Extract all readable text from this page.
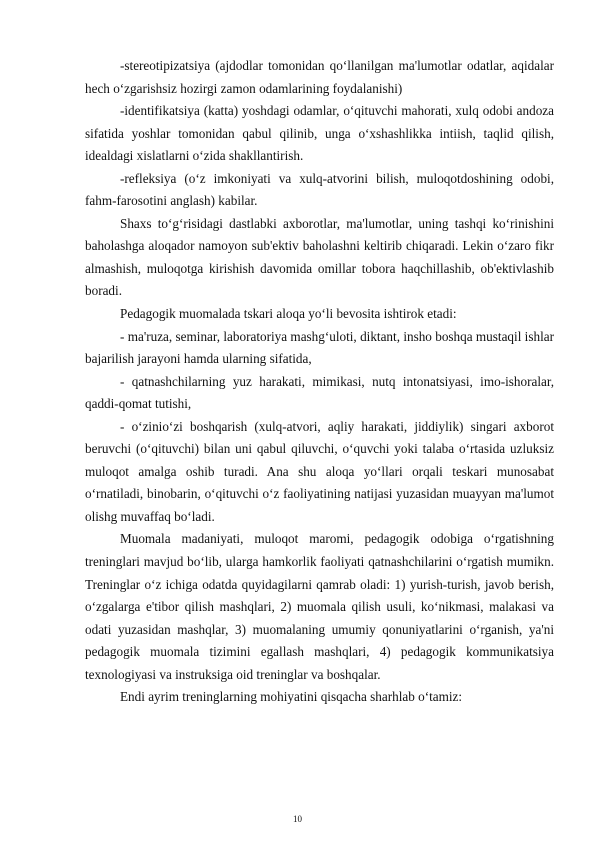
-stereotipizatsiya (ajdodlar tomonidan qo‘llanilgan ma'lumotlar odatlar, aqidalar hech o‘zgarishsiz hozirgi zamon odamlarining foydalanishi)

-identifikatsiya (katta) yoshdagi odamlar, o‘qituvchi mahorati, xulq odobi andoza sifatida yoshlar tomonidan qabul qilinib, unga o‘xshashlikka intiish, taqlid qilish, idealdagi xislatlarni o‘zida shakllantirish.

-refleksiya (o‘z imkoniyati va xulq-atvorini bilish, muloqotdoshining odobi, fahm-farosotini anglash) kabilar.

Shaxs to‘g‘risidagi dastlabki axborotlar, ma'lumotlar, uning tashqi ko‘rinishini baholashga aloqador namoyon sub'ektiv baholashni keltirib chiqaradi. Lekin o‘zaro fikr almashish, muloqotga kirishish davomida omillar tobora haqchillashib, ob'ektivlashib boradi.

Pedagogik muomalada tskari aloqa yo‘li bevosita ishtirok etadi:

- ma'ruza, seminar, laboratoriya mashg‘uloti, diktant, insho boshqa mustaqil ishlar bajarilish jarayoni hamda ularning sifatida,

- qatnashchilarning yuz harakati, mimikasi, nutq intonatsiyasi, imo-ishoralar, qaddi-qomat tutishi,

- o‘zinio‘zi boshqarish (xulq-atvori, aqliy harakati, jiddiylik) singari axborot beruvchi (o‘qituvchi) bilan uni qabul qiluvchi, o‘quvchi yoki talaba o‘rtasida uzluksiz muloqot amalga oshib turadi. Ana shu aloqa yo‘llari orqali teskari munosabat o‘rnatiladi, binobarin, o‘qituvchi o‘z faoliyatining natijasi yuzasidan muayyan ma'lumot olishg muvaffaq bo‘ladi.

Muomala madaniyati, muloqot maromi, pedagogik odobiga o‘rgatishning treninglari mavjud bo‘lib, ularga hamkorlik faoliyati qatnashchilarini o‘rgatish mumikn. Treninglar o‘z ichiga odatda quyidagilarni qamrab oladi: 1) yurish-turish, javob berish, o‘zgalarga e'tibor qilish mashqlari, 2) muomala qilish usuli, ko‘nikmasi, malakasi va odati yuzasidan mashqlar, 3) muomalaning umumiy qonuniyatlarini o‘rganish, ya'ni pedagogik muomala tizimini egallash mashqlari, 4) pedagogik kommunikatsiya texnologiyasi va instruksiga oid treninglar va boshqalar.

Endi ayrim treninglarning mohiyatini qisqacha sharhlab o‘tamiz:

10
